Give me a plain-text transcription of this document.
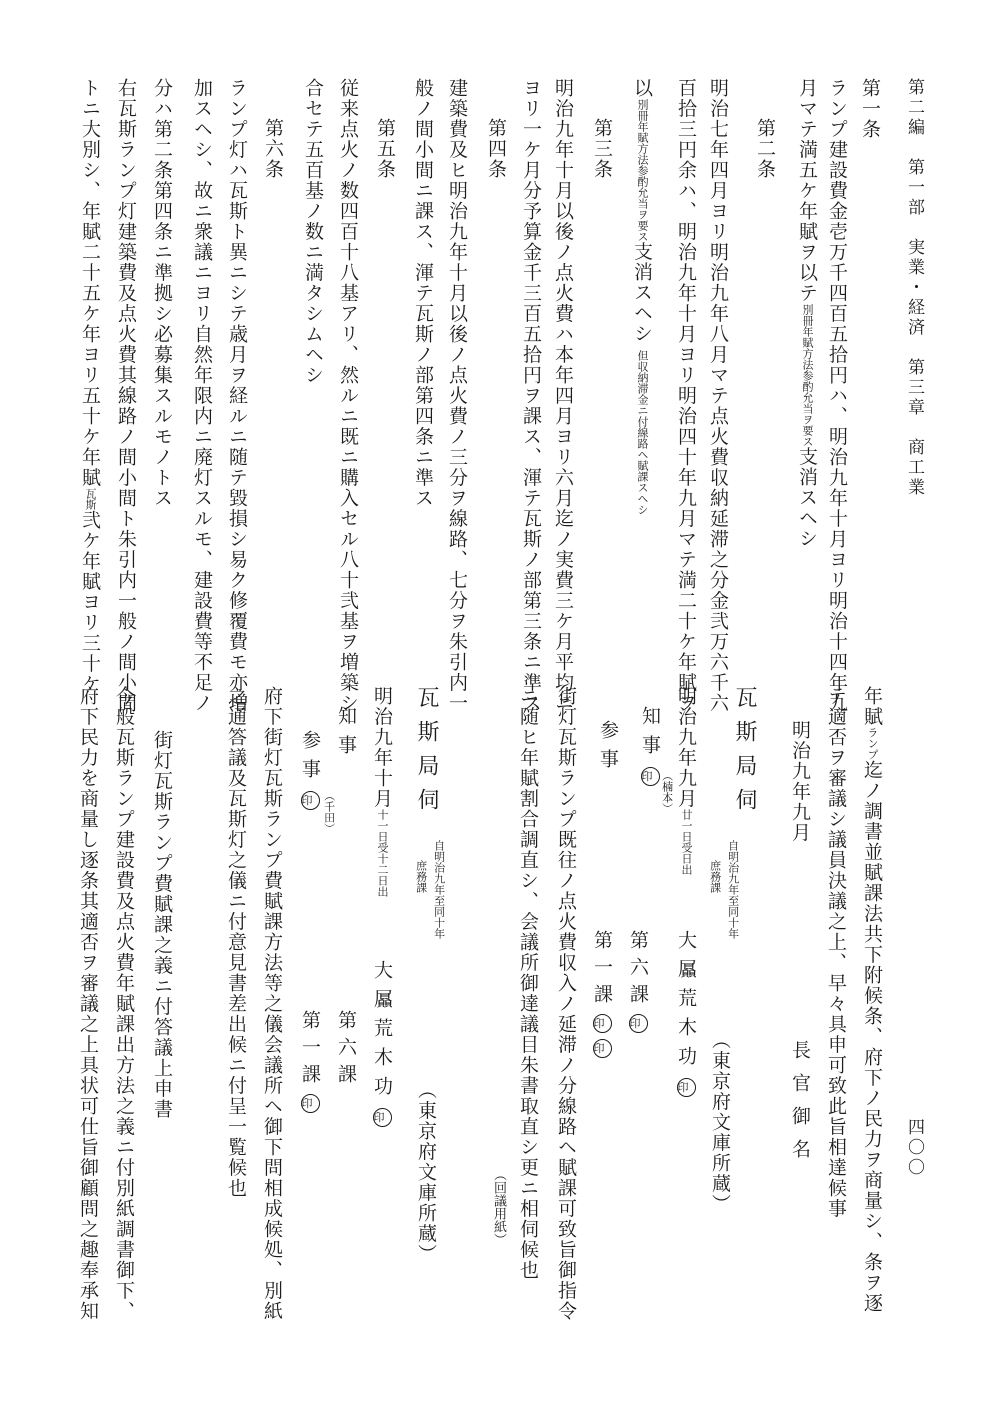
第二編　第一部　実業・経済　第三章　商工業
四〇〇
第一条
ランプ建設費金壱万千四百五拾円ハ、明治九年十月ヨリ明治十四年九
月マテ満五ケ年賦ヲ以テ別冊年賦方法参酌允当ヲ要ス支消スヘシ
第二条
明治七年四月ヨリ明治九年八月マテ点火費収納延滞之分金弐万六千六
百拾三円余ハ、明治九年十月ヨリ明治四十年九月マテ満二十ケ年賦ヲ
以別冊年賦方法参酌允当ヲ要ス支消スヘシ但収納滞金ニ付線路ヘ賦課スヘシ
第三条
明治九年十月以後ノ点火費ハ本年四月ヨリ六月迄ノ実費三ケ月平均ニ
ヨリ一ケ月分予算金千三百五拾円ヲ課ス、渾テ瓦斯ノ部第三条ニ準ス
第四条
建築費及ヒ明治九年十月以後ノ点火費ノ三分ヲ線路、七分ヲ朱引内一
般ノ間小間ニ課ス、渾テ瓦斯ノ部第四条ニ準ス
第五条
従来点火ノ数四百十八基アリ、然ルニ既ニ購入セル八十弐基ヲ増築シ
合セテ五百基ノ数ニ満タシムヘシ
第六条
ランプ灯ハ瓦斯ト異ニシテ歳月ヲ経ルニ随テ毀損シ易ク修覆費モ亦増
加スヘシ、故ニ衆議ニヨリ自然年限内ニ廃灯スルモ、建設費等不足ノ
分ハ第二条第四条ニ準拠シ必募集スルモノトス
右瓦斯ランプ灯建築費及点火費其線路ノ間小間ト朱引内一般ノ間小間
トニ大別シ、年賦二十五ケ年ヨリ五十ケ年賦瓦斯弐ケ年賦ヨリ三十ケ
年賦ランプ迄ノ調書並賦課法共下附候条、府下ノ民力ヲ商量シ、条ヲ逐
テ適否ヲ審議シ議員決議之上、早々具申可致此旨相達候事
明治九年九月
長官御名
瓦斯局伺
自明治九年至同十年
庶務課
（東京府文庫所蔵）
明治九年九月廿一日受日出
大屭荒木功印
知事印
（楠本）
第六課印
参事
第一課印印
街灯瓦斯ランプ既往ノ点火費収入ノ延滞ノ分線路ヘ賦課可致旨御指令
ニ随ヒ年賦割合調直シ、会議所御達議目朱書取直シ更ニ相伺候也
（回議用紙）
瓦斯局伺
自明治九年至同十年
庶務課
（東京府文庫所蔵）
明治九年十月十一日受十二日出
大屭荒木功印
知事
第六課
（千田）
参事印
第一課印
府下街灯瓦斯ランプ費賦課方法等之儀会議所ヘ御下問相成候処、別紙
之通答議及瓦斯灯之儀ニ付意見書差出候ニ付呈一覧候也
街灯瓦斯ランプ費賦課之義ニ付答議上申書
今般瓦斯ランプ建設費及点火費年賦課出方法之義ニ付別紙調書御下、
府下民力を商量し逐条其適否ヲ審議之上具状可仕旨御顧問之趣奉承知
